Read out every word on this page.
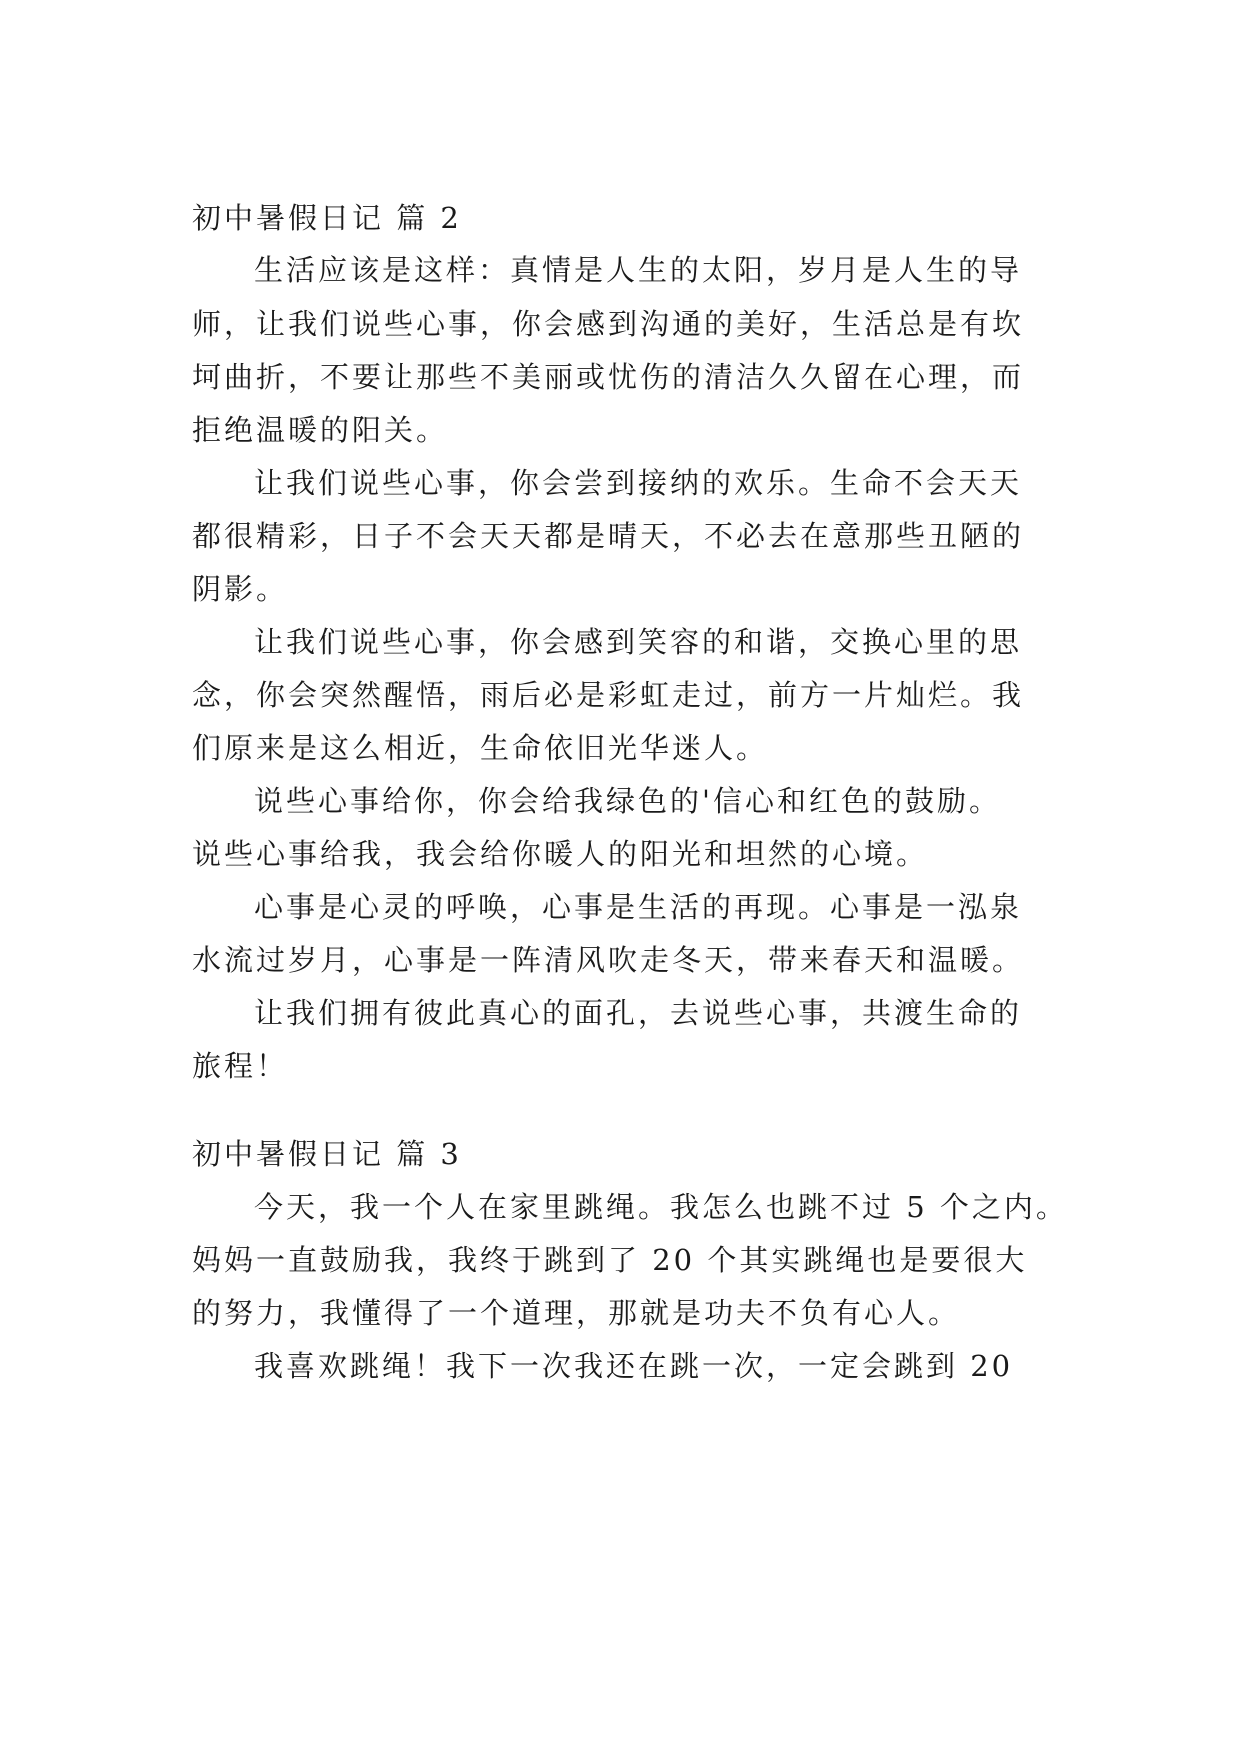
初中暑假日记 篇 2
生活应该是这样：真情是人生的太阳，岁月是人生的导
师，让我们说些心事，你会感到沟通的美好，生活总是有坎
坷曲折，不要让那些不美丽或忧伤的清洁久久留在心理，而
拒绝温暖的阳关。
让我们说些心事，你会尝到接纳的欢乐。生命不会天天
都很精彩，日子不会天天都是晴天，不必去在意那些丑陋的
阴影。
让我们说些心事，你会感到笑容的和谐，交换心里的思
念，你会突然醒悟，雨后必是彩虹走过，前方一片灿烂。我
们原来是这么相近，生命依旧光华迷人。
说些心事给你，你会给我绿色的'信心和红色的鼓励。
说些心事给我，我会给你暖人的阳光和坦然的心境。
心事是心灵的呼唤，心事是生活的再现。心事是一泓泉
水流过岁月，心事是一阵清风吹走冬天，带来春天和温暖。
让我们拥有彼此真心的面孔，去说些心事，共渡生命的
旅程！
初中暑假日记 篇 3
今天，我一个人在家里跳绳。我怎么也跳不过 5 个之内。
妈妈一直鼓励我，我终于跳到了 20 个其实跳绳也是要很大
的努力，我懂得了一个道理，那就是功夫不负有心人。
我喜欢跳绳！我下一次我还在跳一次，一定会跳到 20
